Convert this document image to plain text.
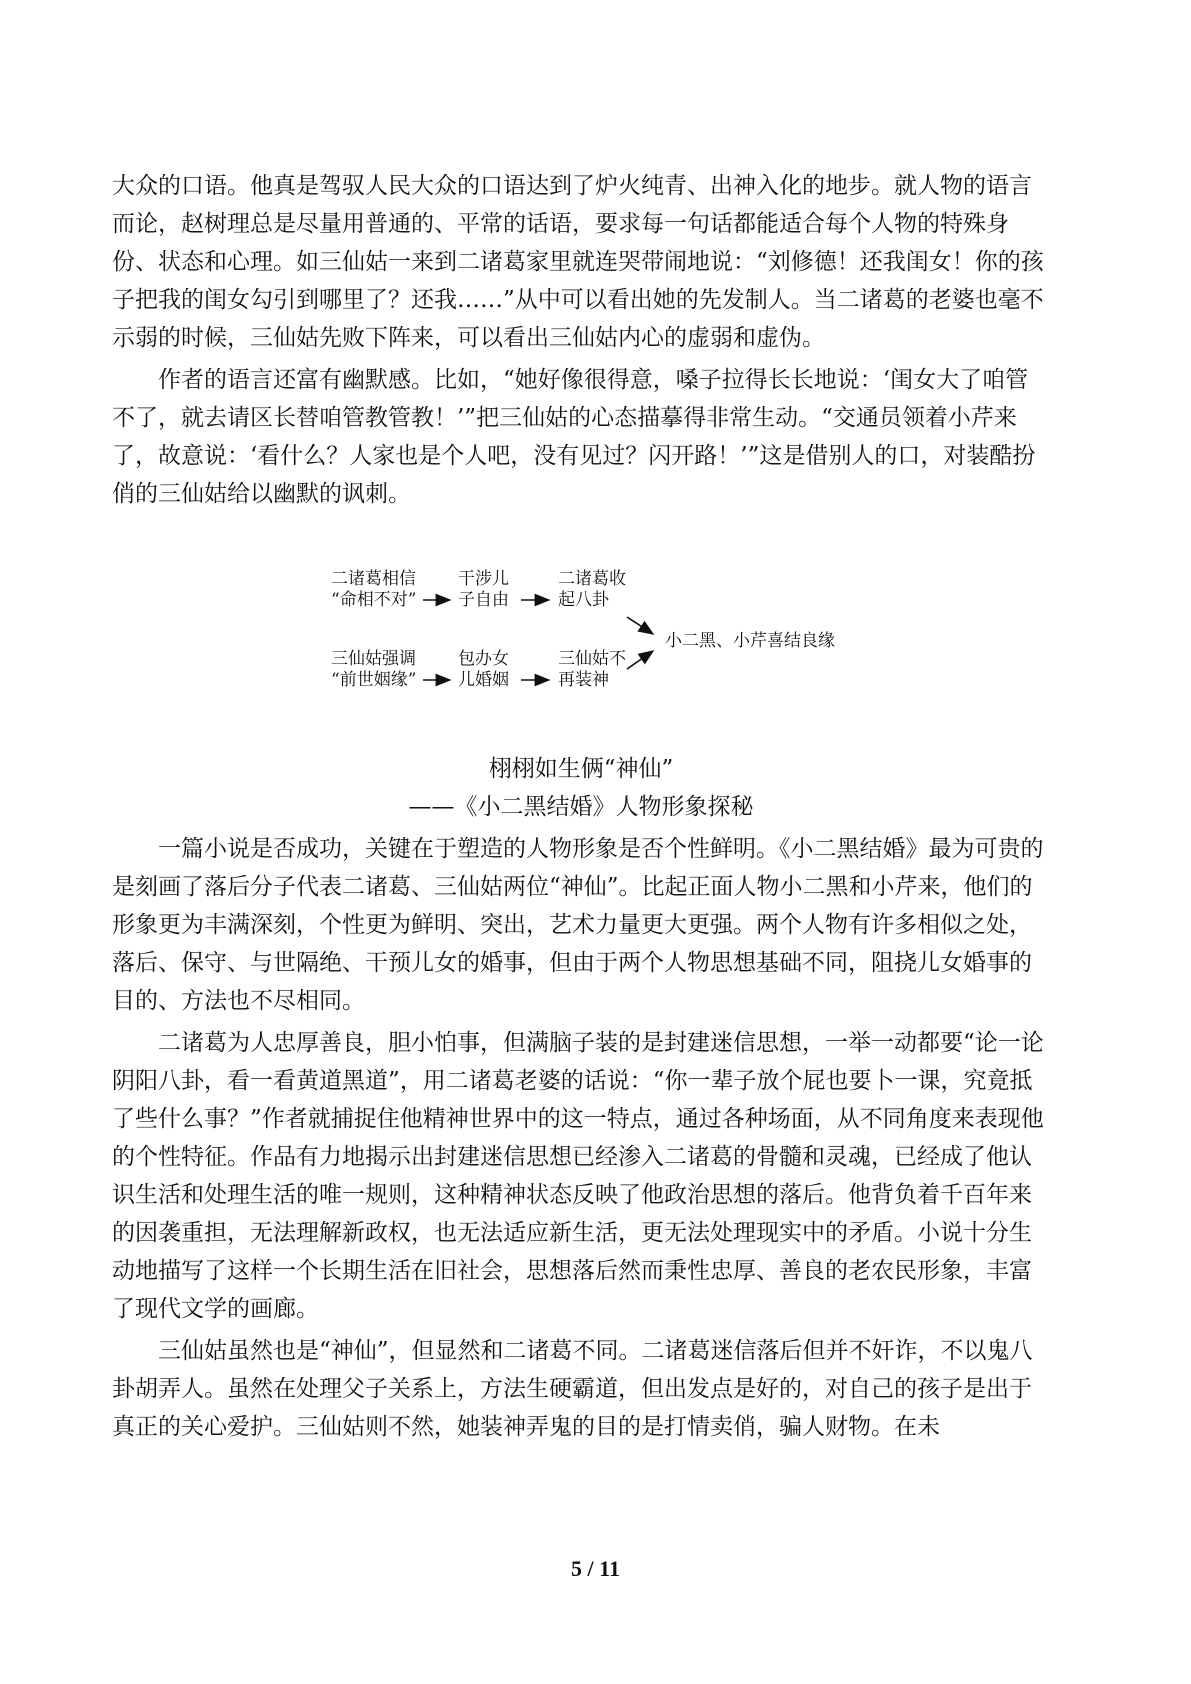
大众的口语。他真是驾驭人民大众的口语达到了炉火纯青、出神入化的地步。就人物的语言而论，赵树理总是尽量用普通的、平常的话语，要求每一句话都能适合每个人物的特殊身份、状态和心理。如三仙姑一来到二诸葛家里就连哭带闹地说：“刘修德！还我闺女！你的孩子把我的闺女勾引到哪里了？还我……”从中可以看出她的先发制人。当二诸葛的老婆也毫不示弱的时候，三仙姑先败下阵来，可以看出三仙姑内心的虚弱和虚伪。

作者的语言还富有幽默感。比如，“她好像很得意，嗓子拉得长长地说：‘闺女大了咱管不了，就去请区长替咱管教管教！’”把三仙姑的心态描摹得非常生动。“交通员领着小芹来了，故意说：‘看什么？人家也是个人吧，没有见过？闪开路！’”这是借别人的口，对装酷扮俏的三仙姑给以幽默的讽刺。

二诸葛相信
“命相不对”
干涉儿
子自由
二诸葛收
起八卦
三仙姑强调
“前世姻缘”
包办女
儿婚姻
三仙姑不
再装神
小二黑、小芹喜结良缘
栩栩如生俩“神仙”
——《小二黑结婚》人物形象探秘

一篇小说是否成功，关键在于塑造的人物形象是否个性鲜明。《小二黑结婚》最为可贵的是刻画了落后分子代表二诸葛、三仙姑两位“神仙”。比起正面人物小二黑和小芹来，他们的形象更为丰满深刻，个性更为鲜明、突出，艺术力量更大更强。两个人物有许多相似之处，落后、保守、与世隔绝、干预儿女的婚事，但由于两个人物思想基础不同，阻挠儿女婚事的目的、方法也不尽相同。

二诸葛为人忠厚善良，胆小怕事，但满脑子装的是封建迷信思想，一举一动都要“论一论阴阳八卦，看一看黄道黑道”，用二诸葛老婆的话说：“你一辈子放个屁也要卜一课，究竟抵了些什么事？”作者就捕捉住他精神世界中的这一特点，通过各种场面，从不同角度来表现他的个性特征。作品有力地揭示出封建迷信思想已经渗入二诸葛的骨髓和灵魂，已经成了他认识生活和处理生活的唯一规则，这种精神状态反映了他政治思想的落后。他背负着千百年来的因袭重担，无法理解新政权，也无法适应新生活，更无法处理现实中的矛盾。小说十分生动地描写了这样一个长期生活在旧社会，思想落后然而秉性忠厚、善良的老农民形象，丰富了现代文学的画廊。

三仙姑虽然也是“神仙”，但显然和二诸葛不同。二诸葛迷信落后但并不奸诈，不以鬼八卦胡弄人。虽然在处理父子关系上，方法生硬霸道，但出发点是好的，对自己的孩子是出于真正的关心爱护。三仙姑则不然，她装神弄鬼的目的是打情卖俏，骗人财物。在未

5 / 11
